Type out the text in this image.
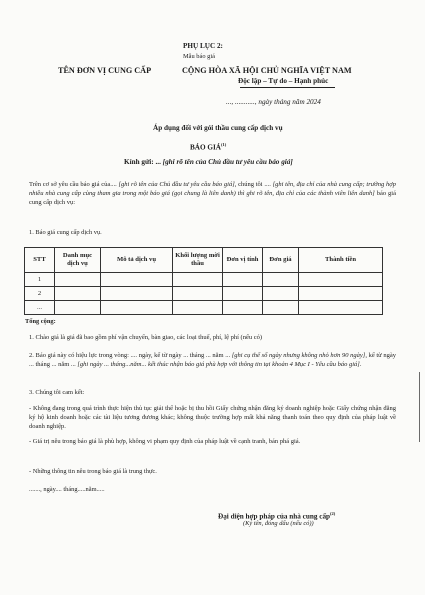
PHỤ LỤC 2:
Mẫu báo giá
TÊN ĐƠN VỊ CUNG CẤP	CỘNG HÒA XÃ HỘI CHỦ NGHĨA VIỆT NAM
Độc lập – Tự do – Hạnh phúc
..., ..........., ngày tháng năm 2024
Áp dụng đối với gói thầu cung cấp dịch vụ
BÁO GIÁ$^{(1)}$
Kính gửi: ... [ghi rõ tên của Chủ đầu tư yêu cầu báo giá]
Trên cơ sở yêu cầu báo giá của.... [ghi rõ tên của Chủ đầu tư yêu cầu báo giá], chúng tôi .... [ghi tên, địa chỉ của nhà cung cấp; trường hợp nhiều nhà cung cấp cùng tham gia trong một báo giá (gọi chung là liên danh) thì ghi rõ tên, địa chỉ của các thành viên liên danh] báo giá cung cấp dịch vụ:
1. Báo giá cung cấp dịch vụ.
STT	Danh mục dịch vụ	Mô tả dịch vụ	Khối lượng mời thầu	Đơn vị tính	Đơn giá	Thành tiền
1						
2						
...						
Tổng cộng:
1. Chào giá là giá đã bao gồm phí vận chuyển, bàn giao, các loại thuế, phí, lệ phí (nếu có)
2. Báo giá này có hiệu lực trong vòng: .... ngày, kể từ ngày ... tháng ... năm ... [ghi cụ thể số ngày nhưng không nhỏ hơn 90 ngày], kể từ ngày ... tháng ... năm ... [ghi ngày ... tháng...năm... kết thúc nhận báo giá phù hợp với thông tin tại khoản 4 Mục I - Yêu cầu báo giá].
3. Chúng tôi cam kết:
- Không đang trong quá trình thực hiện thủ tục giải thể hoặc bị thu hồi Giấy chứng nhận đăng ký doanh nghiệp hoặc Giấy chứng nhận đăng ký hộ kinh doanh hoặc các tài liệu tương đương khác; không thuộc trường hợp mất khả năng thanh toán theo quy định của pháp luật về doanh nghiệp.
- Giá trị nêu trong báo giá là phù hợp, không vi phạm quy định của pháp luật về cạnh tranh, bán phá giá.
- Những thông tin nêu trong báo giá là trung thực.
......., ngày.... tháng.....năm.....
Đại diện hợp pháp của nhà cung cấp$^{(2)}$
(Ký tên, đóng dấu (nếu có))
